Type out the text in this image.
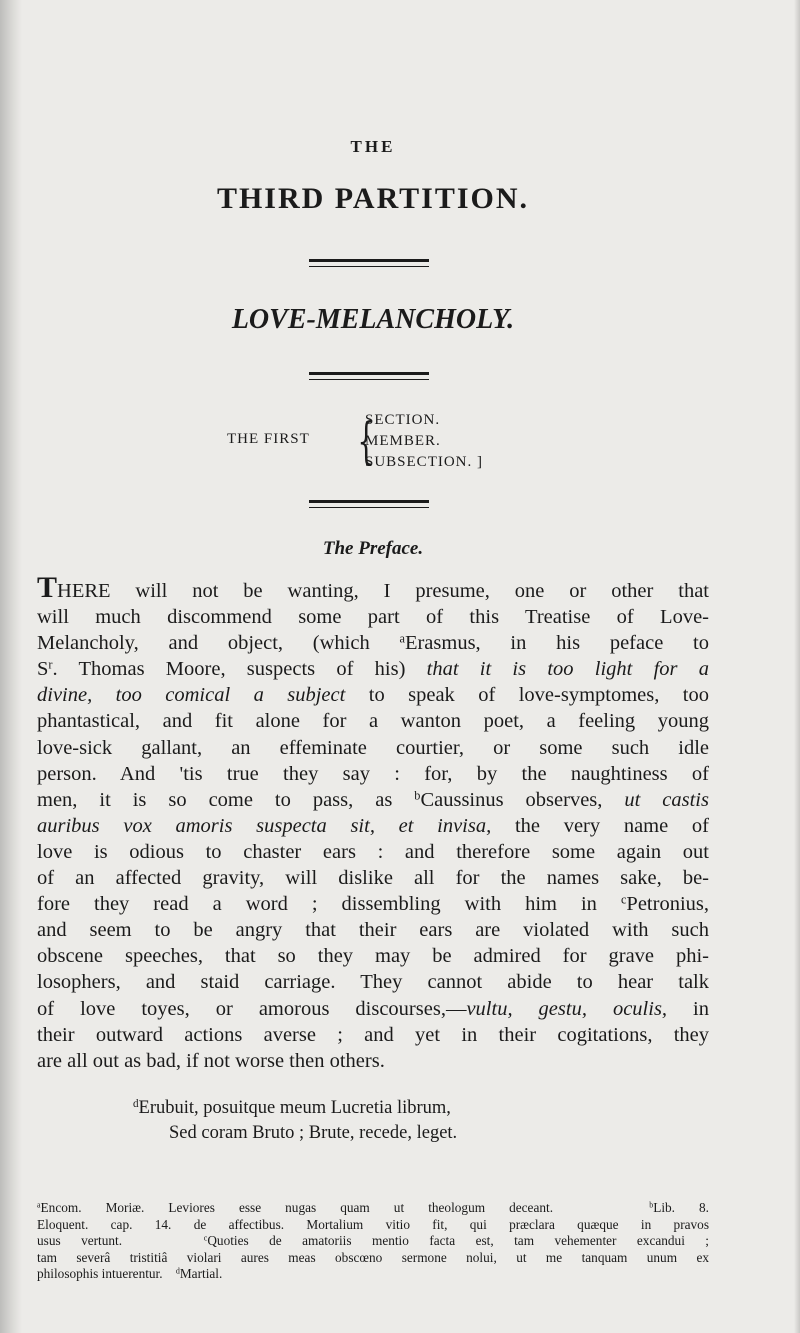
THE
THIRD PARTITION.
LOVE-MELANCHOLY.
THE FIRST {
SECTION.
MEMBER.
SUBSECTION. ]
The Preface.
THERE will not be wanting, I presume, one or other that
will much discommend some part of this Treatise of Love-
Melancholy, and object, (which $^a$Erasmus, in his peface to
$S^r$. Thomas Moore, suspects of his) that it is too light for a
divine, too comical a subject to speak of love-symptomes, too
phantastical, and fit alone for a wanton poet, a feeling young
love-sick gallant, an effeminate courtier, or some such idle
person. And 'tis true they say : for, by the naughtiness of
men, it is so come to pass, as $^b$Caussinus observes, ut castis
auribus vox amoris suspecta sit, et invisa, the very name of
love is odious to chaster ears : and therefore some again out
of an affected gravity, will dislike all for the names sake, be-
fore they read a word ; dissembling with him in $^c$Petronius,
and seem to be angry that their ears are violated with such
obscene speeches, that so they may be admired for grave phi-
losophers, and staid carriage. They cannot abide to hear talk
of love toyes, or amorous discourses,—vultu, gestu, oculis, in
their outward actions averse ; and yet in their cogitations, they
are all out as bad, if not worse then others.
$^d$Erubuit, posuitque meum Lucretia librum,
Sed coram Bruto ; Brute, recede, leget.
$^a$Encom. Moriæ. Leviores esse nugas quam ut theologum deceant.	$^b$Lib. 8.
Eloquent. cap. 14. de affectibus. Mortalium vitio fit, qui præclara quæque in pravos
usus vertunt.	$^c$Quoties de amatoriis mentio facta est, tam vehementer excandui ;
tam severâ tristitiâ violari aures meas obscœno sermone nolui, ut me tanquam unum ex
philosophis intuerentur. $^d$Martial.
